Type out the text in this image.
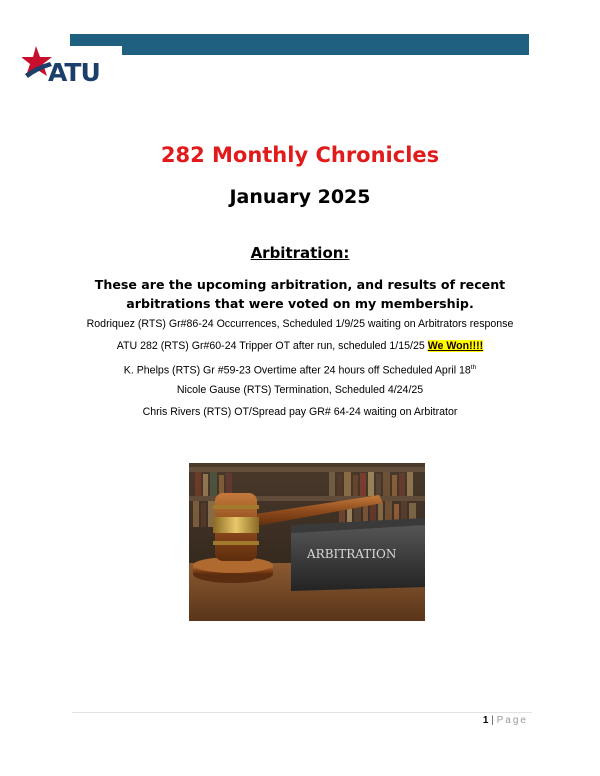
ATU
282 Monthly Chronicles
January 2025
Arbitration:
These are the upcoming arbitration, and results of recent arbitrations that were voted on my membership.
Rodriquez (RTS) Gr#86-24 Occurrences, Scheduled 1/9/25 waiting on Arbitrators response
ATU 282 (RTS) Gr#60-24 Tripper OT after run, scheduled 1/15/25 We Won!!!!
K. Phelps (RTS) Gr #59-23 Overtime after 24 hours off Scheduled April 18th
Nicole Gause (RTS) Termination, Scheduled 4/24/25
Chris Rivers (RTS) OT/Spread pay GR# 64-24 waiting on Arbitrator
ARBITRATION
1 | Page
